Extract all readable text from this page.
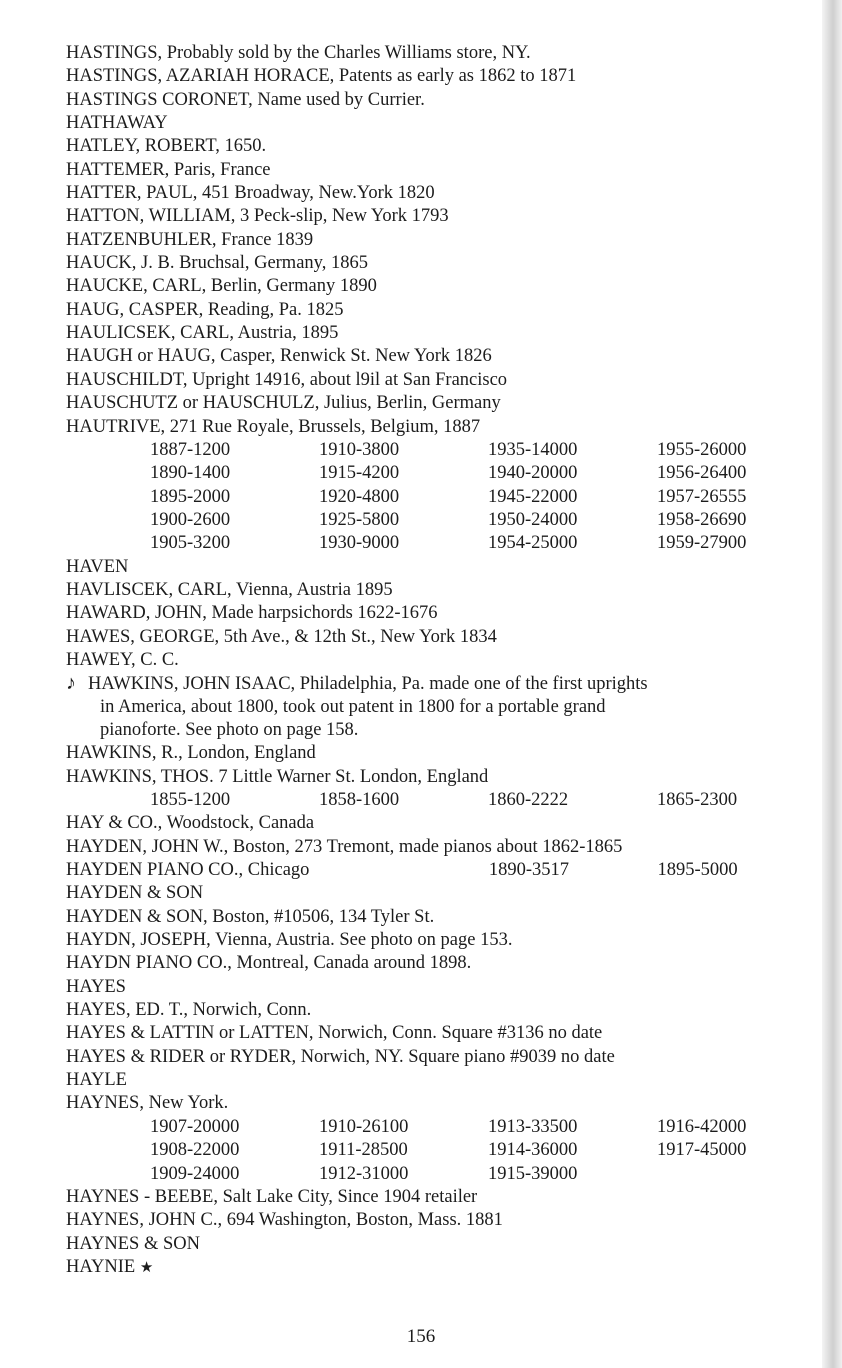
HASTINGS, Probably sold by the Charles Williams store, NY.
HASTINGS, AZARIAH HORACE, Patents as early as 1862 to 1871
HASTINGS CORONET, Name used by Currier.
HATHAWAY
HATLEY, ROBERT, 1650.
HATTEMER, Paris, France
HATTER, PAUL, 451 Broadway, New.York 1820
HATTON, WILLIAM, 3 Peck-slip, New York 1793
HATZENBUHLER, France 1839
HAUCK, J. B. Bruchsal, Germany, 1865
HAUCKE, CARL, Berlin, Germany 1890
HAUG, CASPER, Reading, Pa. 1825
HAULICSEK, CARL, Austria, 1895
HAUGH or HAUG, Casper, Renwick St. New York 1826
HAUSCHILDT, Upright 14916, about l9il at San Francisco
HAUSCHUTZ or HAUSCHULZ, Julius, Berlin, Germany
HAUTRIVE, 271 Rue Royale, Brussels, Belgium, 1887
1887-1200	1910-3800	1935-14000	1955-26000
1890-1400	1915-4200	1940-20000	1956-26400
1895-2000	1920-4800	1945-22000	1957-26555
1900-2600	1925-5800	1950-24000	1958-26690
1905-3200	1930-9000	1954-25000	1959-27900
HAVEN
HAVLISCEK, CARL, Vienna, Austria 1895
HAWARD, JOHN, Made harpsichords 1622-1676
HAWES, GEORGE, 5th Ave., & 12th St., New York 1834
HAWEY, C. C.
♪ HAWKINS, JOHN ISAAC, Philadelphia, Pa. made one of the first uprights
in America, about 1800, took out patent in 1800 for a portable grand
pianoforte. See photo on page 158.
HAWKINS, R., London, England
HAWKINS, THOS. 7 Little Warner St. London, England
1855-1200	1858-1600	1860-2222	1865-2300
HAY & CO., Woodstock, Canada
HAYDEN, JOHN W., Boston, 273 Tremont, made pianos about 1862-1865
HAYDEN PIANO CO., Chicago	1890-3517	1895-5000
HAYDEN & SON
HAYDEN & SON, Boston, #10506, 134 Tyler St.
HAYDN, JOSEPH, Vienna, Austria. See photo on page 153.
HAYDN PIANO CO., Montreal, Canada around 1898.
HAYES
HAYES, ED. T., Norwich, Conn.
HAYES & LATTIN or LATTEN, Norwich, Conn. Square #3136 no date
HAYES & RIDER or RYDER, Norwich, NY. Square piano #9039 no date
HAYLE
HAYNES, New York.
1907-20000	1910-26100	1913-33500	1916-42000
1908-22000	1911-28500	1914-36000	1917-45000
1909-24000	1912-31000	1915-39000
HAYNES - BEEBE, Salt Lake City, Since 1904 retailer
HAYNES, JOHN C., 694 Washington, Boston, Mass. 1881
HAYNES & SON
HAYNIE ★
156
